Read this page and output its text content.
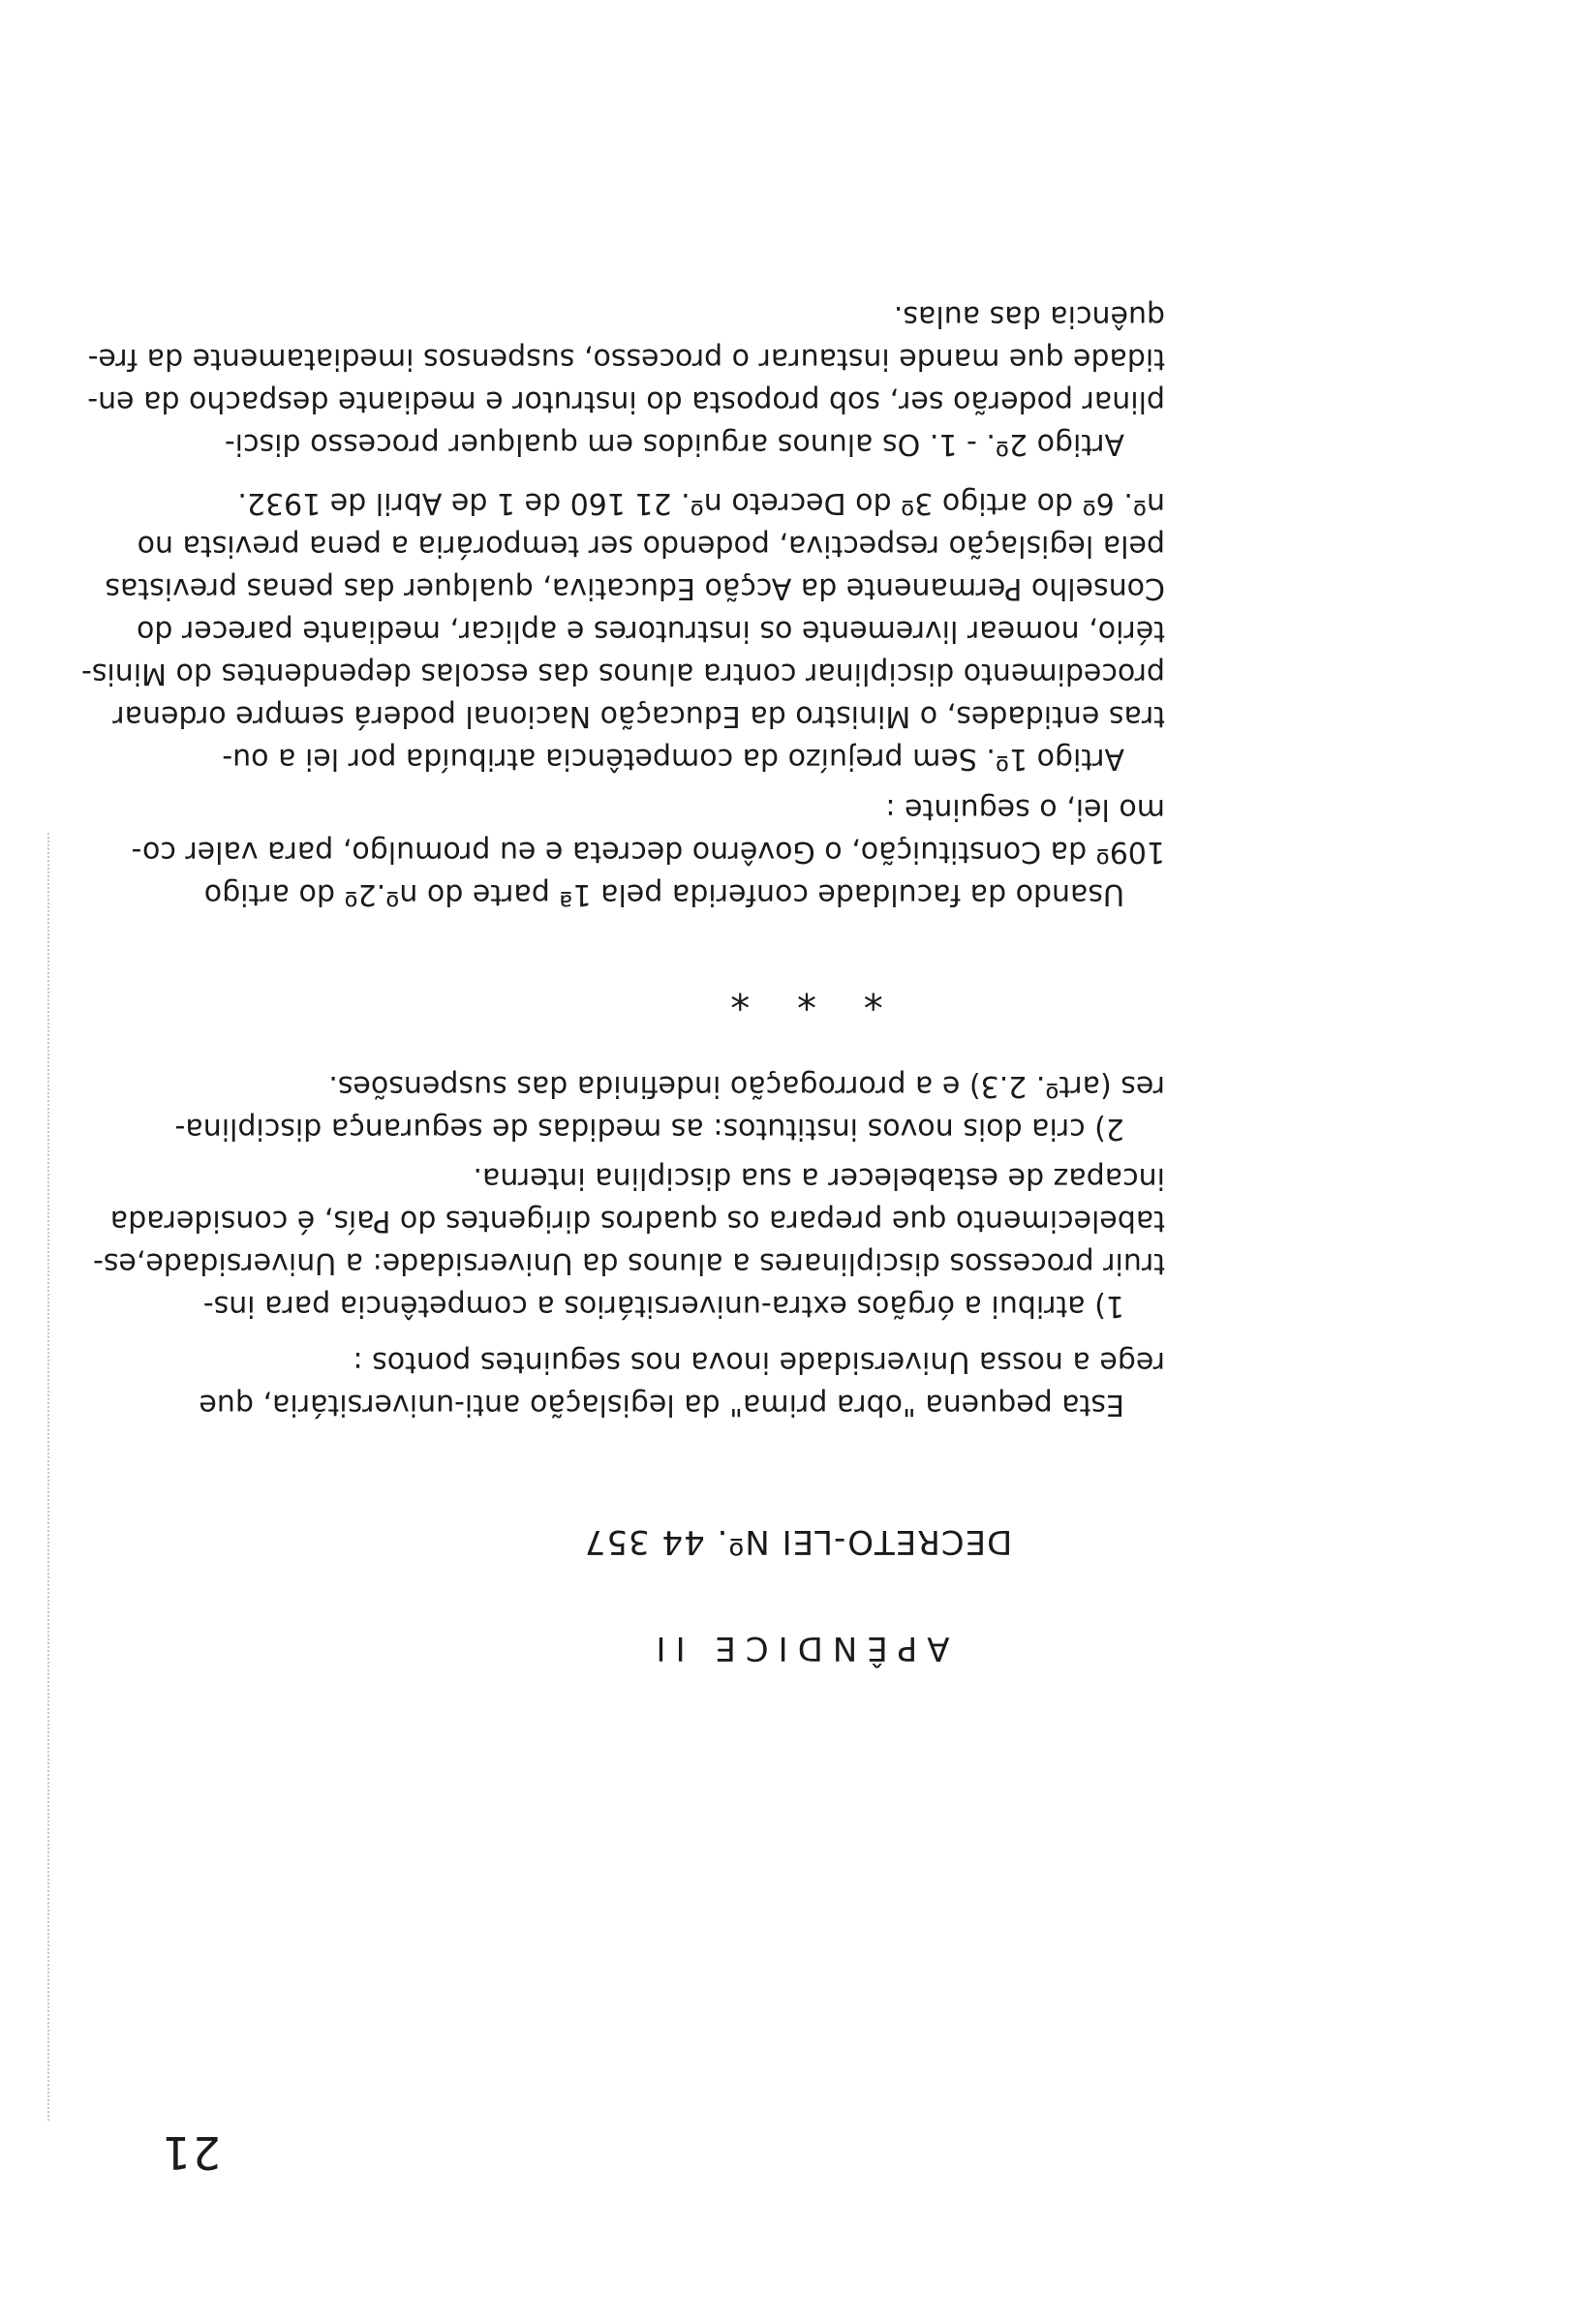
21
APÊNDICE II
DECRETO-LEI Nº. 44 357
Esta pequena "obra prima" da legislação anti-universitária, que
rege a nossa Universidade inova nos seguintes pontos :
1) atribui a órgãos extra-universitários a competência para ins-
truir processos disciplinares a alunos da Universidade: a Universidade,es-
tabelecimento que prepara os quadros dirigentes do País, é considerada
incapaz de estabelecer a sua disciplina interna.
2) cria dois novos institutos: as medidas de segurança disciplina-
res (artº. 2.3) e a prorrogação indefinida das suspensões.
* * *
Usando da faculdade conferida pela 1ª parte do nº.2º do artigo
109º da Constituição, o Govêrno decreta e eu promulgo, para valer co-
mo lei, o seguinte :
Artigo 1º. Sem prejuízo da competência atribuída por lei a ou-
tras entidades, o Ministro da Educação Nacional poderá sempre ordenar
procedimento disciplinar contra alunos das escolas dependentes do Minis-
tério, nomear livremente os instrutores e aplicar, mediante parecer do
Conselho Permanente da Acção Educativa, qualquer das penas previstas
pela legislação respectiva, podendo ser temporária a pena prevista no
nº. 6º do artigo 3º do Decreto nº. 21 160 de 1 de Abril de 1932.
Artigo 2º. - 1. Os alunos arguidos em qualquer processo disci-
plinar poderão ser, sob proposta do instrutor e mediante despacho da en-
tidade que mande instaurar o processo, suspensos imediatamente da fre-
quência das aulas.
